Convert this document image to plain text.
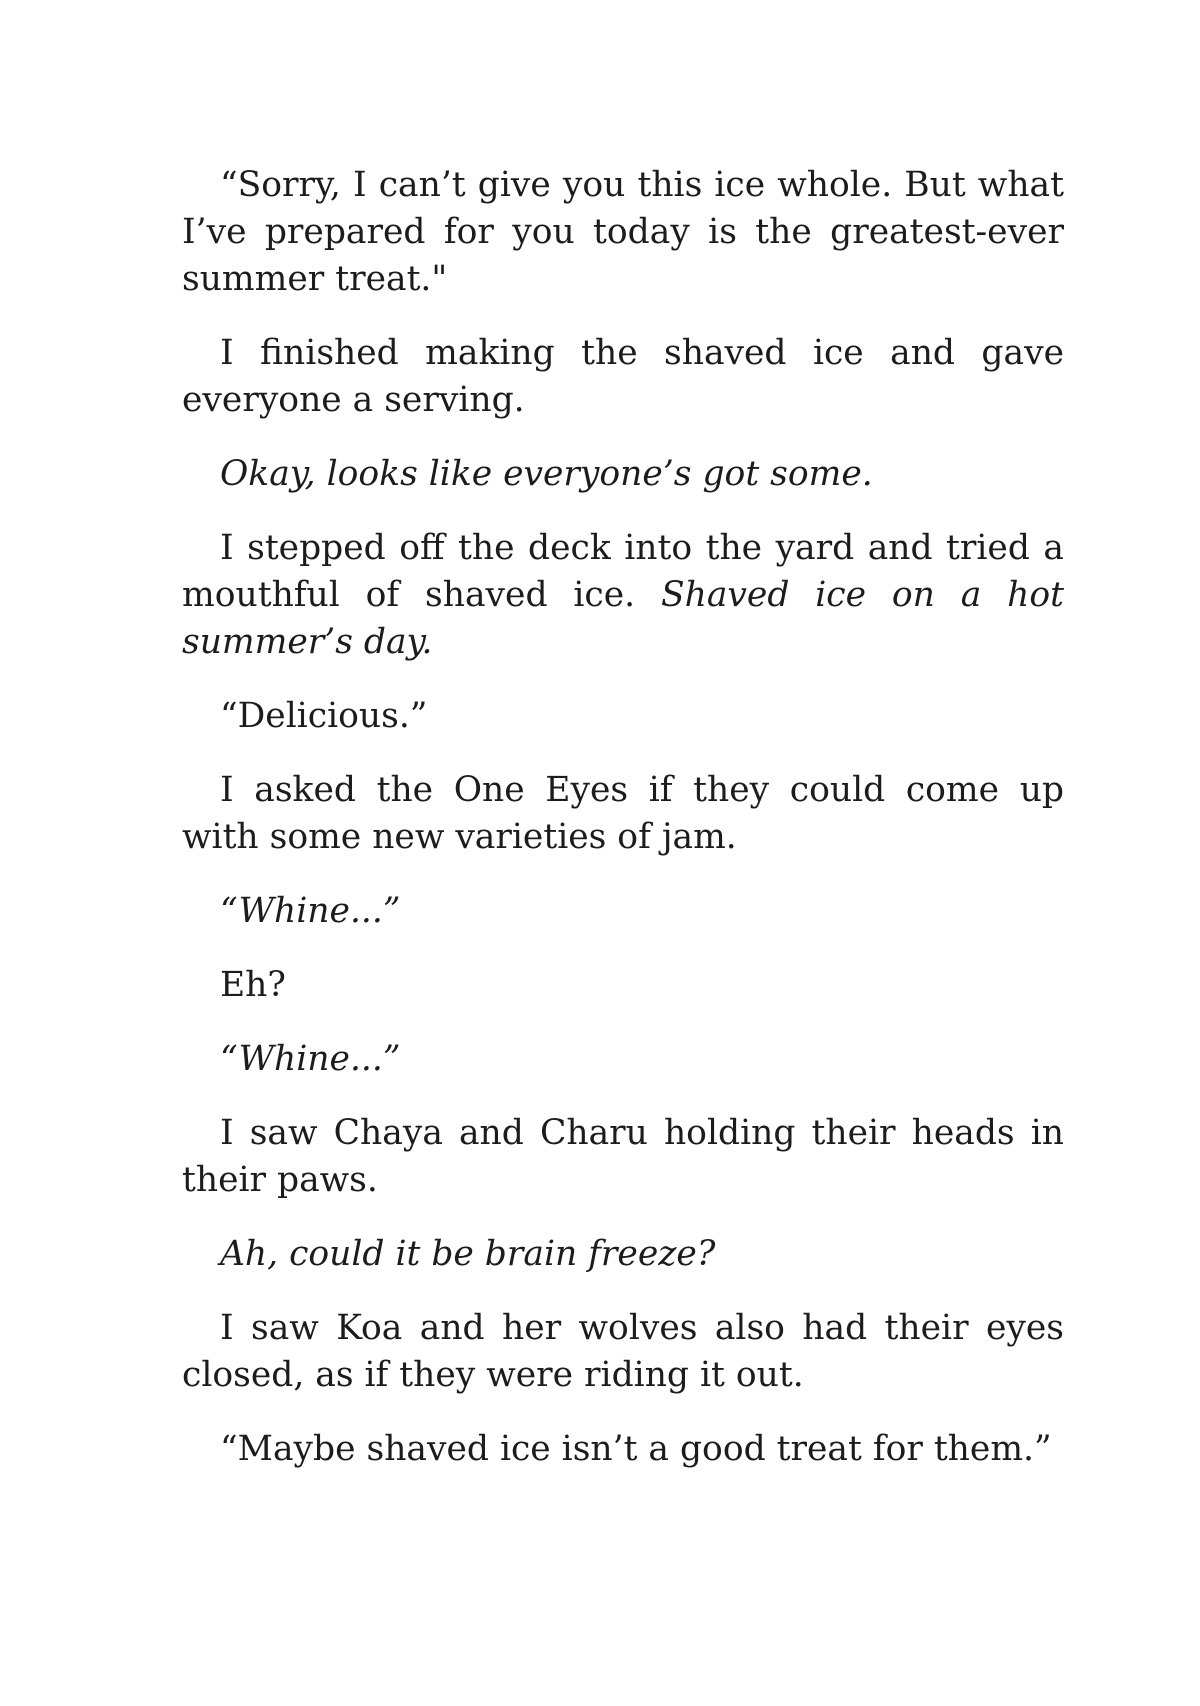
“Sorry, I can’t give you this ice whole. But what I’ve prepared for you today is the greatest-ever summer treat."

I finished making the shaved ice and gave everyone a serving.

Okay, looks like everyone’s got some.

I stepped off the deck into the yard and tried a mouthful of shaved ice. Shaved ice on a hot summer’s day.

“Delicious.”

I asked the One Eyes if they could come up with some new varieties of jam.

“Whine...”

Eh?

“Whine...”

I saw Chaya and Charu holding their heads in their paws.

Ah, could it be brain freeze?

I saw Koa and her wolves also had their eyes closed, as if they were riding it out.

“Maybe shaved ice isn’t a good treat for them.”
